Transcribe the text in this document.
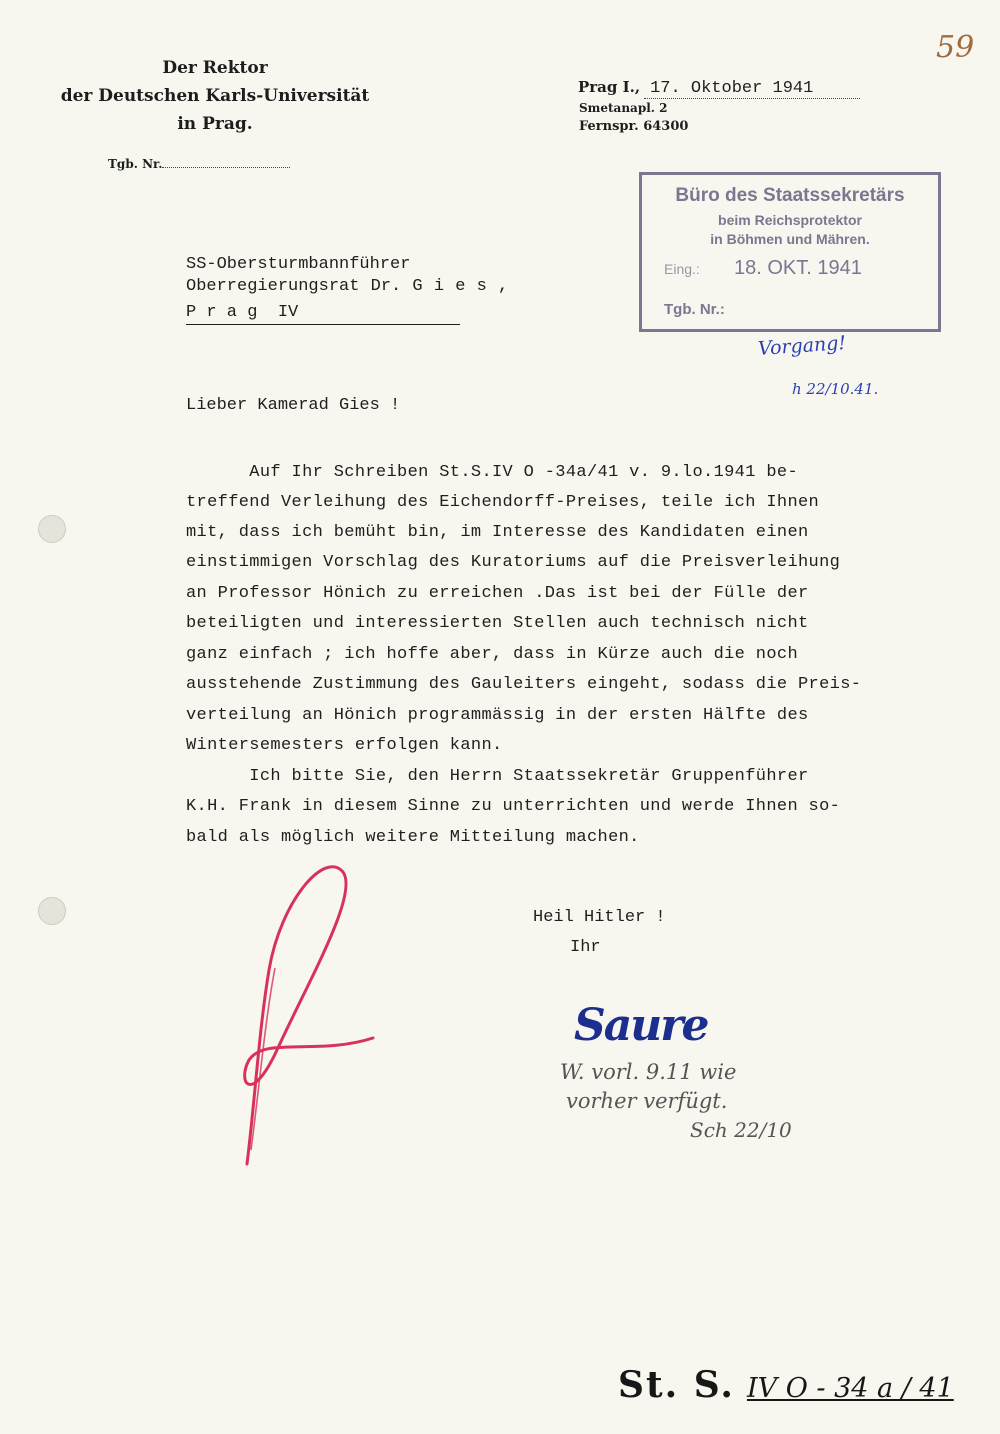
59
Der Rektor
der Deutschen Karls-Universität
in Prag.
Tgb. Nr.
Prag I., 17. Oktober 1941
Smetanapl. 2
Fernspr. 64300
Büro des Staatssekretärs
beim Reichsprotektor
in Böhmen und Mähren.
Eing.: 18. OKT. 1941
Tgb. Nr.:
SS-Obersturmbannführer
Oberregierungsrat Dr. G i e s ,
P r a g  IV
Vorgang!
h 22/10.41.
Lieber Kamerad Gies !
Auf Ihr Schreiben St.S.IV O -34a/41 v. 9.lo.1941 be-
treffend Verleihung des Eichendorff-Preises, teile ich Ihnen
mit, dass ich bemüht bin, im Interesse des Kandidaten einen
einstimmigen Vorschlag des Kuratoriums auf die Preisverleihung
an Professor Hönich zu erreichen .Das ist bei der Fülle der
beteiligten und interessierten Stellen auch technisch nicht
ganz einfach ; ich hoffe aber, dass in Kürze auch die noch
ausstehende Zustimmung des Gauleiters eingeht, sodass die Preis-
verteilung an Hönich programmässig in der ersten Hälfte des
Wintersemesters erfolgen kann.
Ich bitte Sie, den Herrn Staatssekretär Gruppenführer
K.H. Frank in diesem Sinne zu unterrichten und werde Ihnen so-
bald als möglich weitere Mitteilung machen.
Heil Hitler !
Ihr
Saure
W. vorl. 9.11 wie
vorher verfügt.
Sch 22/10
St. S. IV O - 34 a / 41
